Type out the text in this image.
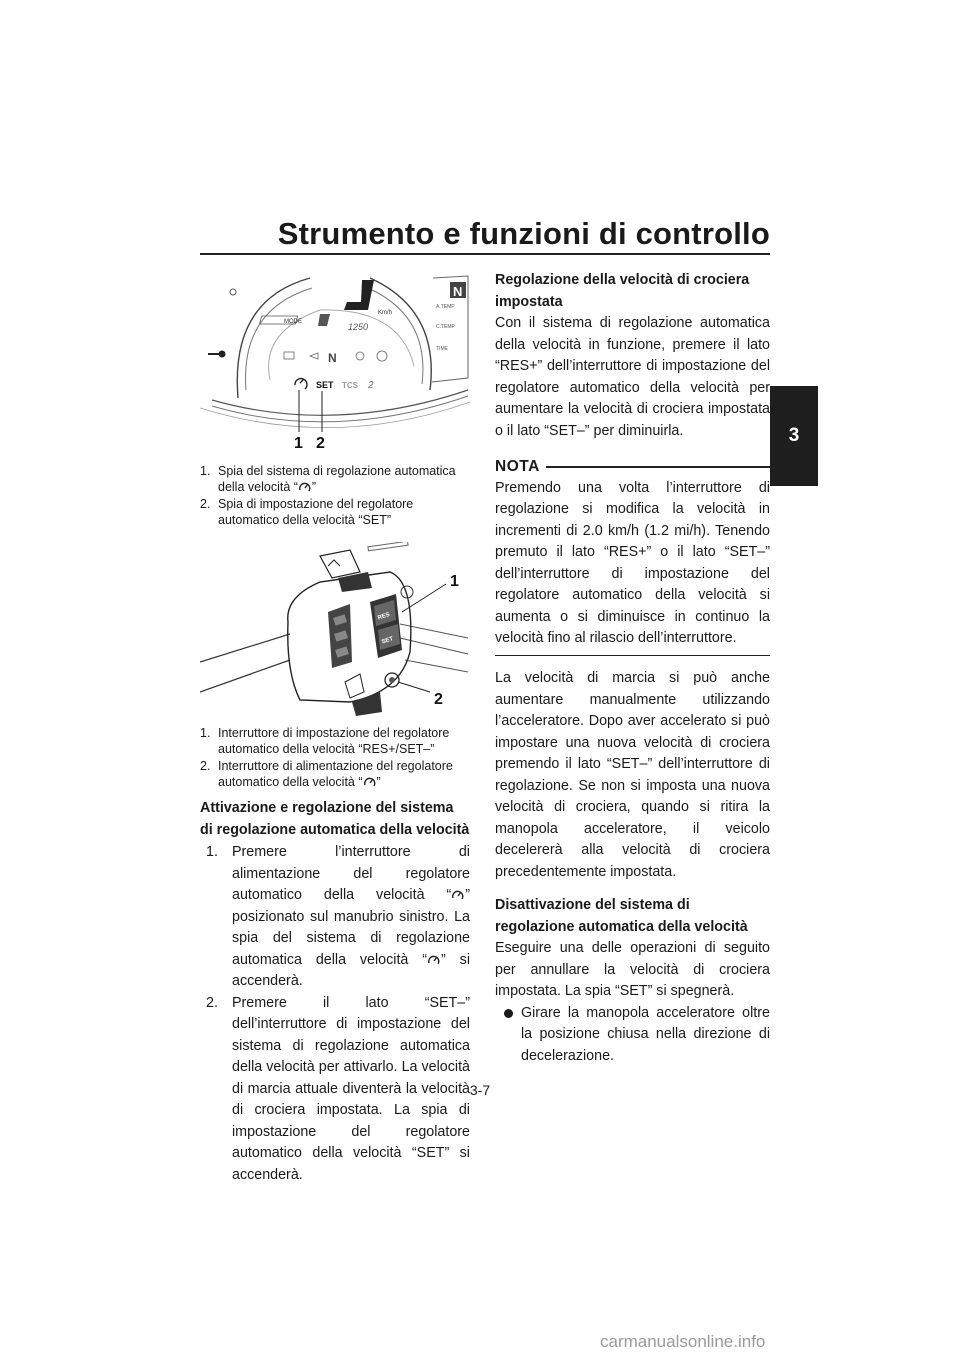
Strumento e funzioni di controllo
3
Km/h
MODE	1250
N
A.TEMP
C.TEMP
TIME
N
SET TCS 2
1 2
1. Spia del sistema di regolazione automatica della velocità “ ”
2. Spia di impostazione del regolatore automatico della velocità “SET”
RES
SET
1
2
1. Interruttore di impostazione del regolatore automatico della velocità “RES+/SET–”
2. Interruttore di alimentazione del regolatore automatico della velocità “ ”
Attivazione e regolazione del sistema di regolazione automatica della velocità
1. Premere l’interruttore di alimentazione del regolatore automatico della velocità “ ” posizionato sul manubrio sinistro. La spia del sistema di regolazione automatica della velocità “ ” si accenderà.
2. Premere il lato “SET–” dell’interruttore di impostazione del sistema di regolazione automatica della velocità per attivarlo. La velocità di marcia attuale diventerà la velocità di crociera impostata. La spia di impostazione del regolatore automatico della velocità “SET” si accenderà.
Regolazione della velocità di crociera impostata

Con il sistema di regolazione automatica della velocità in funzione, premere il lato “RES+” dell’interruttore di impostazione del regolatore automatico della velocità per aumentare la velocità di crociera impostata o il lato “SET–” per diminuirla.

NOTA

Premendo una volta l’interruttore di regolazione si modifica la velocità in incrementi di 2.0 km/h (1.2 mi/h). Tenendo premuto il lato “RES+” o il lato “SET–” dell’interruttore di impostazione del regolatore automatico della velocità si aumenta o si diminuisce in continuo la velocità fino al rilascio dell’interruttore.

La velocità di marcia si può anche aumentare manualmente utilizzando l’acceleratore. Dopo aver accelerato si può impostare una nuova velocità di crociera premendo il lato “SET–” dell’interruttore di regolazione. Se non si imposta una nuova velocità di crociera, quando si ritira la manopola acceleratore, il veicolo decelererà alla velocità di crociera precedentemente impostata.

Disattivazione del sistema di regolazione automatica della velocità

Eseguire una delle operazioni di seguito per annullare la velocità di crociera impostata. La spia “SET” si spegnerà.

Girare la manopola acceleratore oltre la posizione chiusa nella direzione di decelerazione.
3-7
carmanualsonline.info
